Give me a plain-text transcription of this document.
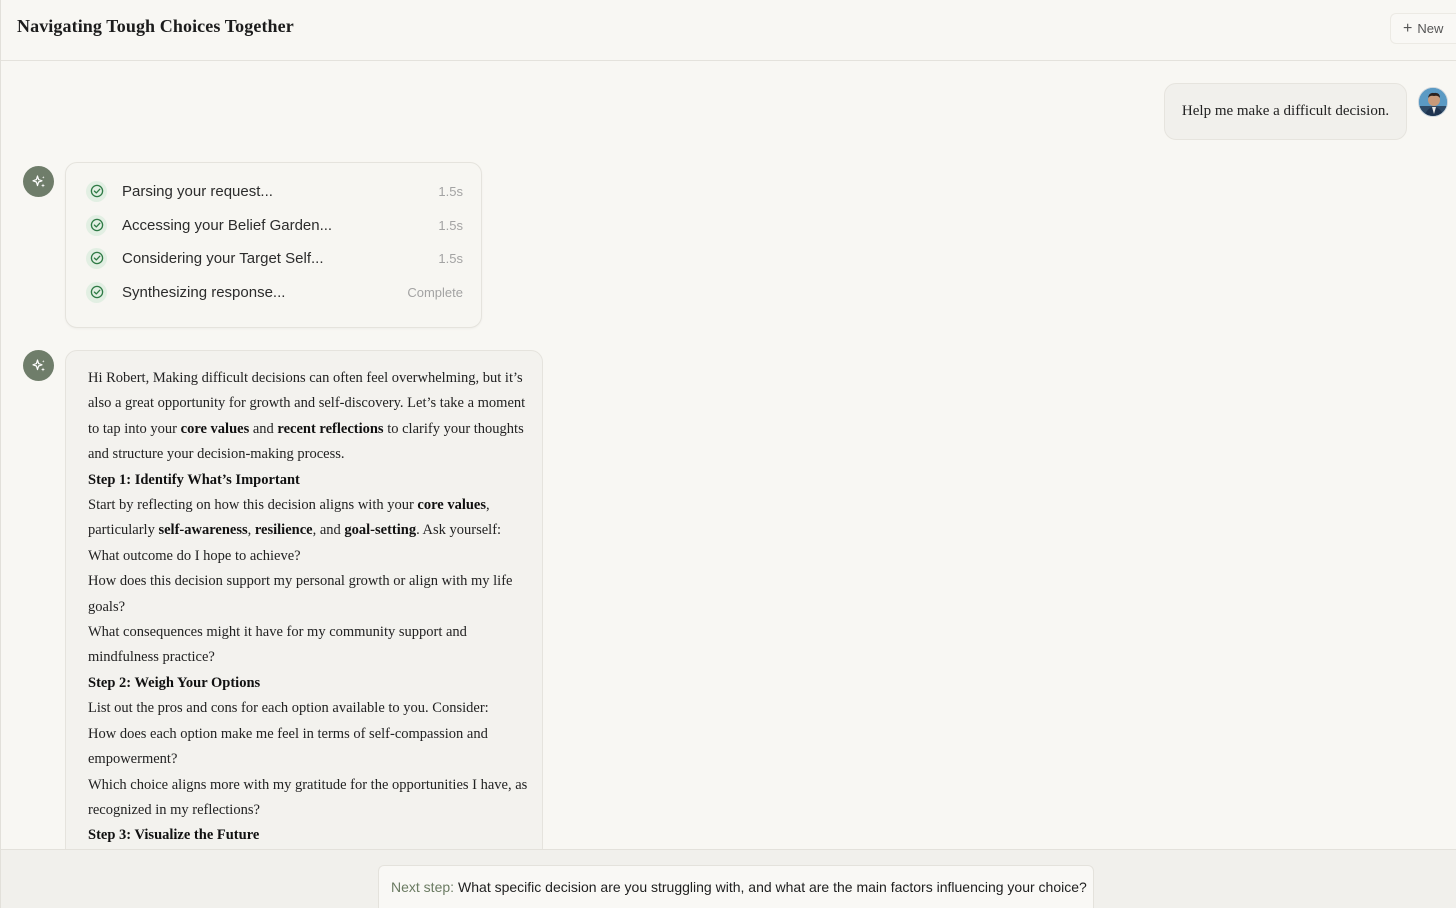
Navigating Tough Choices Together	+ New
Help me make a difficult decision.
Parsing your request...	1.5s
Accessing your Belief Garden...	1.5s
Considering your Target Self...	1.5s
Synthesizing response...	Complete

Hi Robert, Making difficult decisions can often feel overwhelming, but it’s also a great opportunity for growth and self-discovery. Let’s take a moment to tap into your core values and recent reflections to clarify your thoughts and structure your decision-making process.

Step 1: Identify What’s Important

Start by reflecting on how this decision aligns with your core values, particularly self-awareness, resilience, and goal-setting. Ask yourself:

What outcome do I hope to achieve?

How does this decision support my personal growth or align with my life goals?

What consequences might it have for my community support and mindfulness practice?

Step 2: Weigh Your Options

List out the pros and cons for each option available to you. Consider:

How does each option make me feel in terms of self-compassion and empowerment?

Which choice aligns more with my gratitude for the opportunities I have, as recognized in my reflections?

Step 3: Visualize the Future

Next step: What specific decision are you struggling with, and what are the main factors influencing your choice?
